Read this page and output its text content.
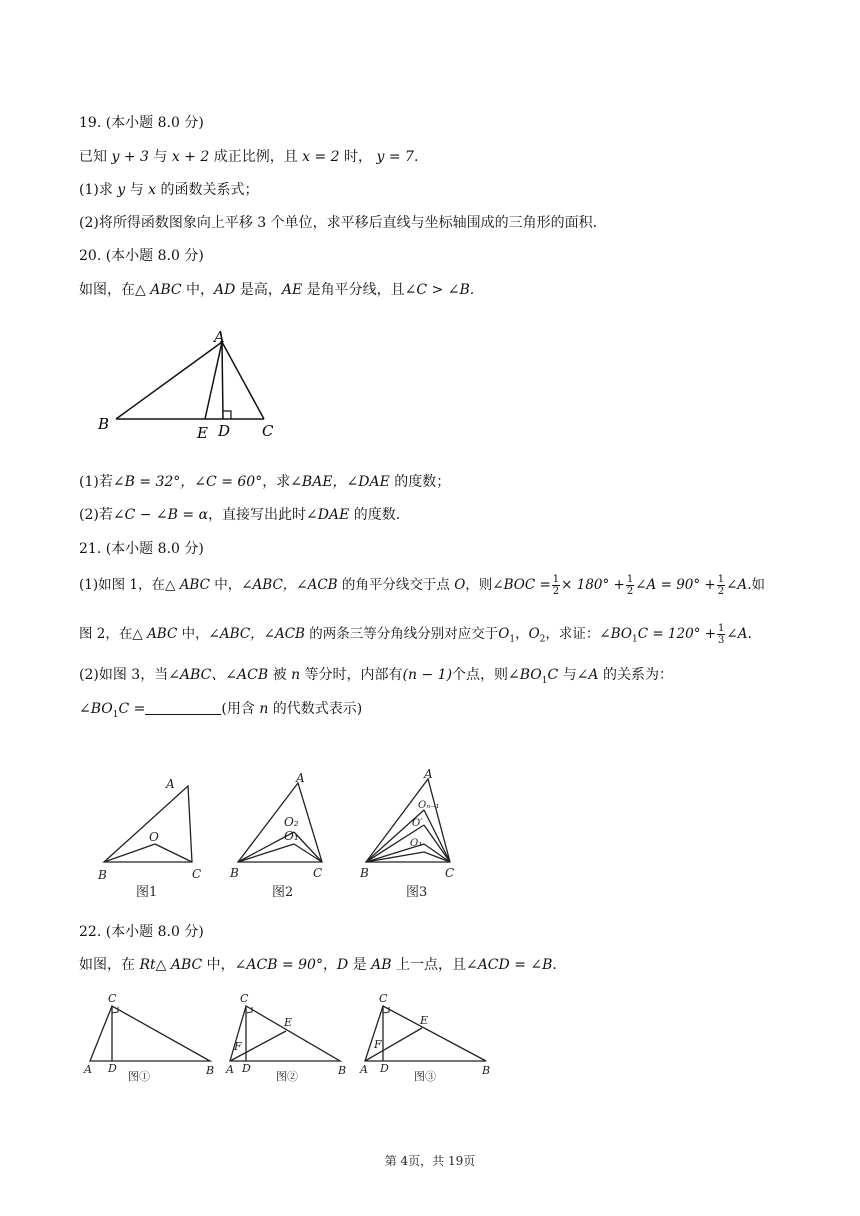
19. (本小题 8.0 分)
已知 y + 3 与 x + 2 成正比例，且 x = 2 时， y = 7.
(1)求 y 与 x 的函数关系式；
(2)将所得函数图象向上平移 3 个单位，求平移后直线与坐标轴围成的三角形的面积.
20. (本小题 8.0 分)
如图，在△ ABC 中，AD 是高，AE 是角平分线，且∠C > ∠B.
A
B	E D C
(1)若∠B = 32°，∠C = 60°，求∠BAE，∠DAE 的度数；
(2)若∠C − ∠B = α，直接写出此时∠DAE 的度数.
21. (本小题 8.0 分)
(1)如图 1，在△ ABC 中，∠ABC，∠ACB 的角平分线交于点 O，则∠BOC = $\frac{1}{2} \times 180^\circ + \frac{1}{2}$ ∠A = $90^\circ + \frac{1}{2}$ ∠A.如
图 2，在△ ABC 中，∠ABC，∠ACB 的两条三等分角线分别对应交于$O_1$，$O_2$，求证：$\angle BO_1C = 120^\circ + \frac{1}{3}$ ∠A.
(2)如图 3，当∠ABC、∠ACB 被 n 等分时，内部有(n − 1)个点，则$\angle BO_1C$ 与∠A 的关系为：
$\angle BO_1C$ =	(用含 n 的代数式表示)
A
O
B	C
A
O₂
O₁
B	C
A
Oₙ₋₁
O′
O₁
B	C
图1	图2	图3
22. (本小题 8.0 分)
如图，在 Rt△ ABC 中，∠ACB = 90°，D 是 AB 上一点，且∠ACD = ∠B.
C
A D	B
C
E
F
A D	B
C
E
F
A D	B
图①	图②	图③
第 4页，共 19页
